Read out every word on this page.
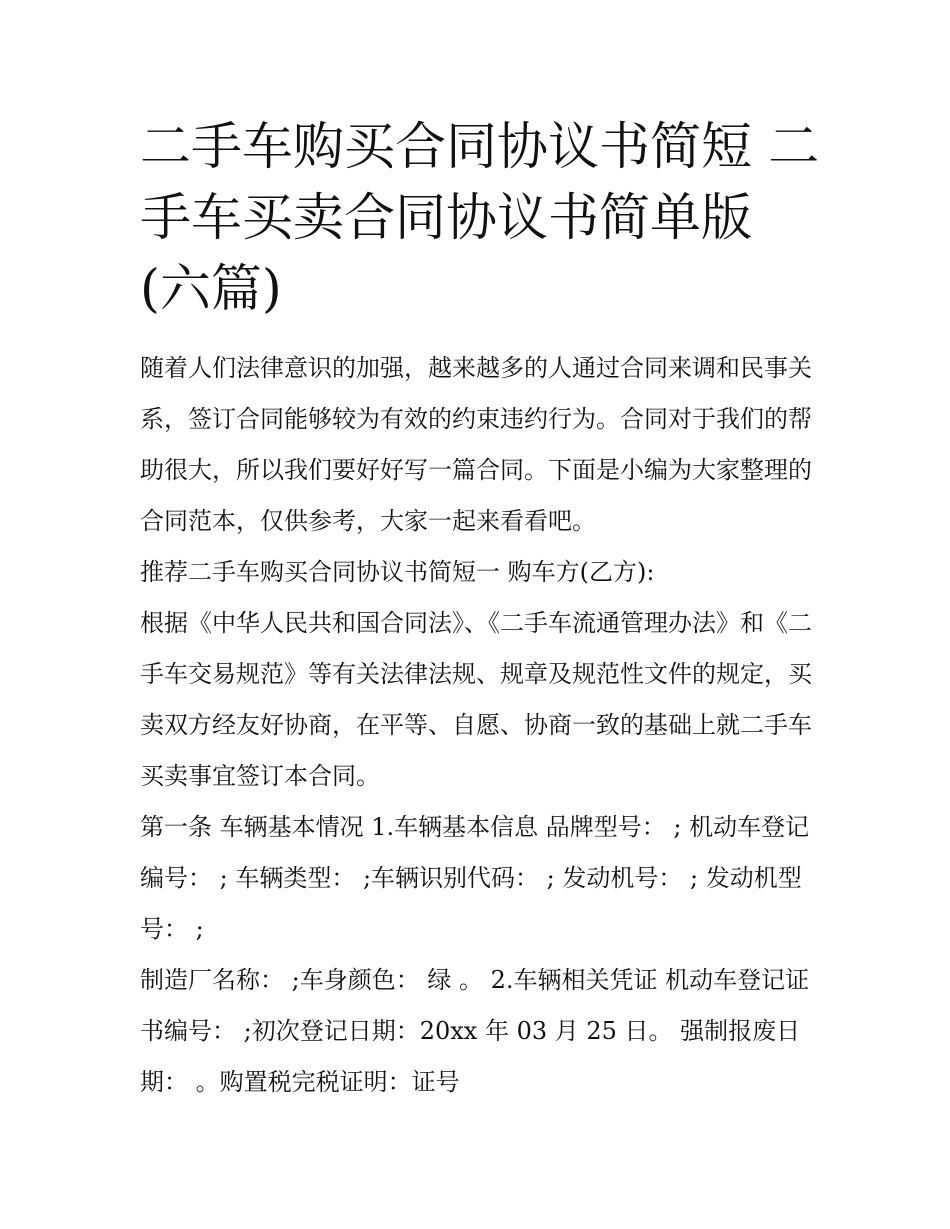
二手车购买合同协议书简短 二手车买卖合同协议书简单版(六篇)

随着人们法律意识的加强，越来越多的人通过合同来调和民事关系，签订合同能够较为有效的约束违约行为。合同对于我们的帮助很大，所以我们要好好写一篇合同。下面是小编为大家整理的合同范本，仅供参考，大家一起来看看吧。

推荐二手车购买合同协议书简短一 购车方(乙方):

根据《中华人民共和国合同法》、《二手车流通管理办法》和《二手车交易规范》等有关法律法规、规章及规范性文件的规定，买卖双方经友好协商，在平等、自愿、协商一致的基础上就二手车买卖事宜签订本合同。

第一条 车辆基本情况 1.车辆基本信息 品牌型号： ; 机动车登记编号： ; 车辆类型： ;车辆识别代码： ; 发动机号： ; 发动机型号： ;

制造厂名称： ;车身颜色： 绿 。 2.车辆相关凭证 机动车登记证书编号： ;初次登记日期：20xx 年 03 月 25 日。 强制报废日期： 。购置税完税证明：证号
